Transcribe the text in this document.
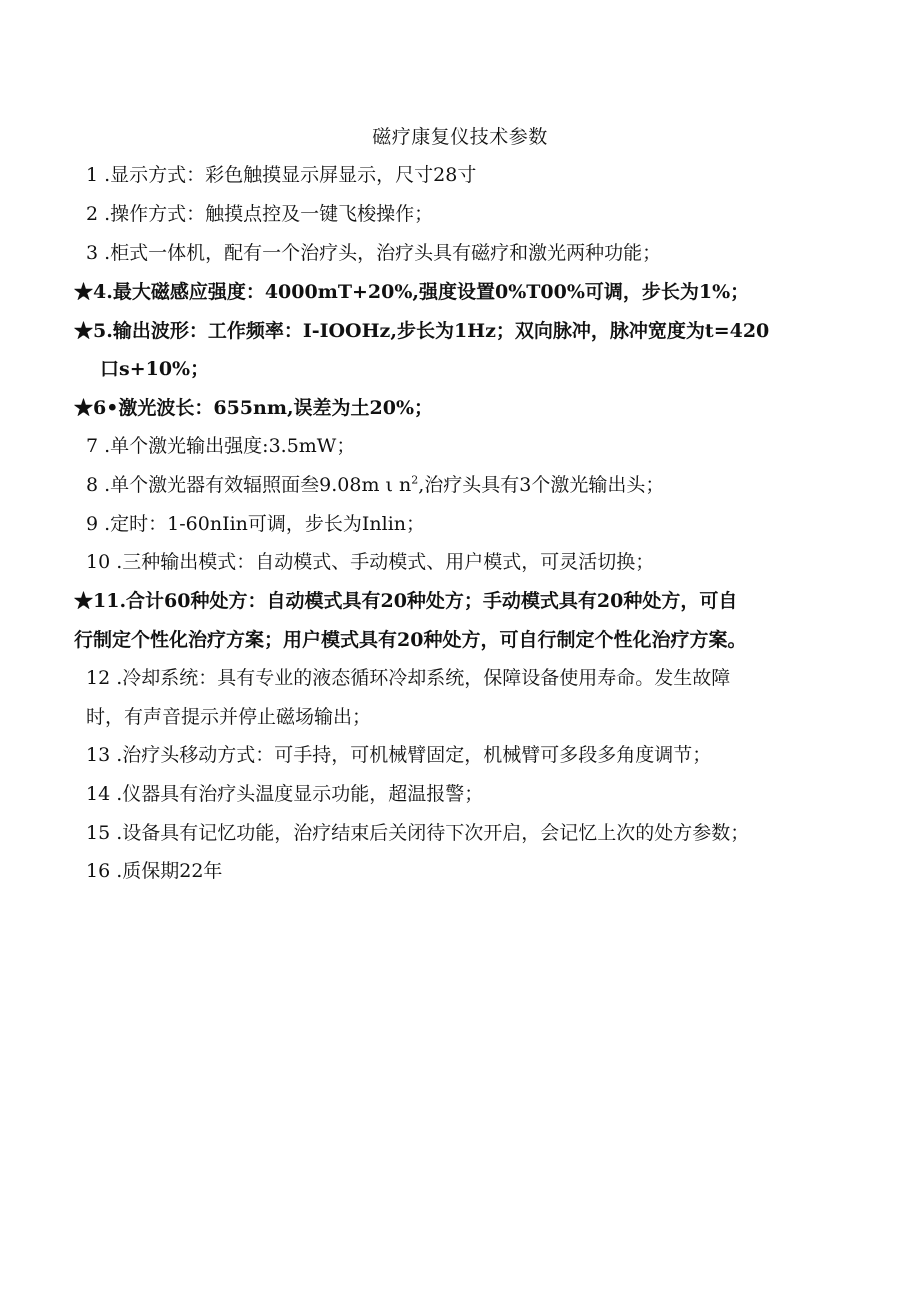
磁疗康复仪技术参数
1 .显示方式：彩色触摸显示屏显示，尺寸28寸
2 .操作方式：触摸点控及一键飞梭操作；
3 .柜式一体机，配有一个治疗头，治疗头具有磁疗和激光两种功能；
★4.最大磁感应强度：4000mT+20%,强度设置0%T00%可调，步长为1%；
★5.输出波形：工作频率：I-IOOHz,步长为1Hz；双向脉冲，脉冲宽度为t=420
口s+10%；
★6•激光波长：655nm,误差为土20%；
7 .单个激光输出强度:3.5mW；
8 .单个激光器有效辐照面叁9.08m ι $n^2$,治疗头具有3个激光输出头；
9 .定时：1-60nIin可调，步长为Inlin；
10 .三种输出模式：自动模式、手动模式、用户模式，可灵活切换；
★11.合计60种处方：自动模式具有20种处方；手动模式具有20种处方，可自
行制定个性化治疗方案；用户模式具有20种处方，可自行制定个性化治疗方案。
12 .冷却系统：具有专业的液态循环冷却系统，保障设备使用寿命。发生故障
时，有声音提示并停止磁场输出；
13 .治疗头移动方式：可手持，可机械臂固定，机械臂可多段多角度调节；
14 .仪器具有治疗头温度显示功能，超温报警；
15 .设备具有记忆功能，治疗结束后关闭待下次开启，会记忆上次的处方参数；
16 .质保期22年
